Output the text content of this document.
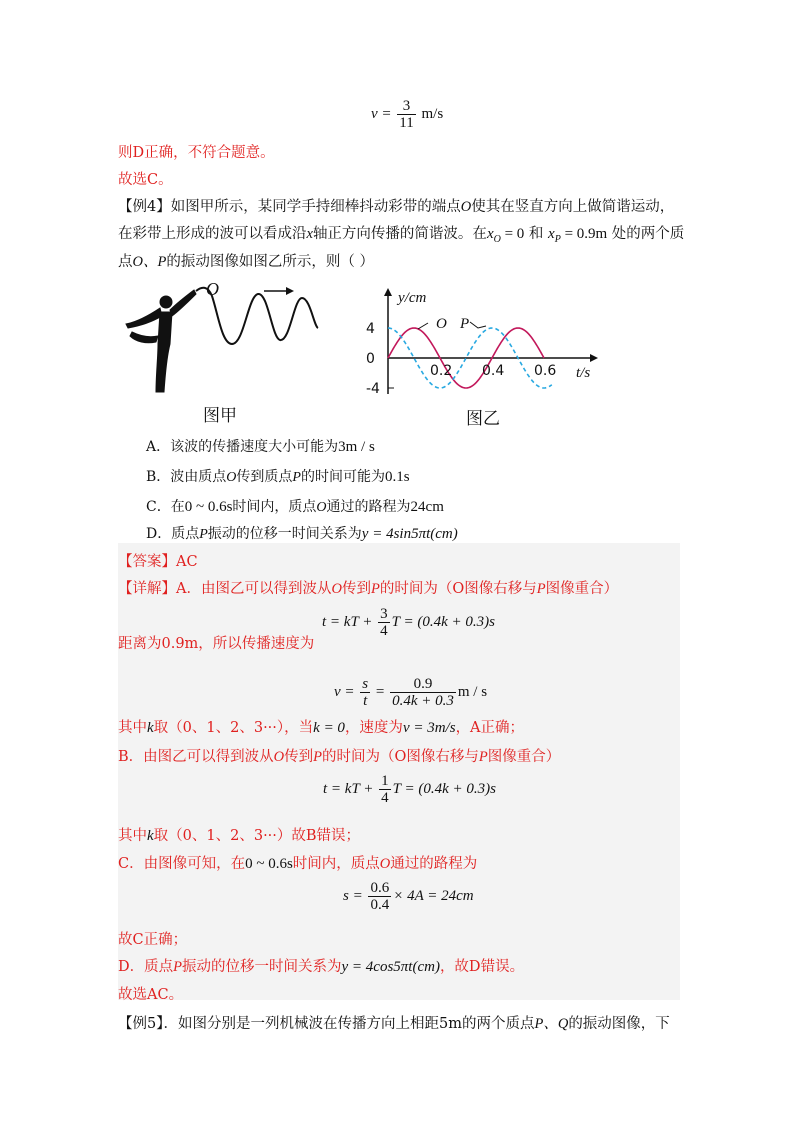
$v = \frac{3}{11} m/s$
则D正确，不符合题意。
故选C。
【例4】如图甲所示，某同学手持细棒抖动彩带的端点O使其在竖直方向上做简谐运动，
在彩带上形成的波可以看成沿x轴正方向传播的简谐波。在$x_O = 0$ 和 $x_P = 0.9m$ 处的两个质
点O、P的振动图像如图乙所示，则（ ）
O
图甲
4
0
-4
0.2 0.4 0.6
y/cm
t/s
O P
图乙
A．该波的传播速度大小可能为3m / s
B．波由质点O传到质点P的时间可能为0.1s
C．在0 ~ 0.6s时间内，质点O通过的路程为24cm
D．质点P振动的位移一时间关系为y = 4sin5πt(cm)
【答案】AC
【详解】A．由图乙可以得到波从O传到P的时间为（O图像右移与P图像重合）
距离为0.9m，所以传播速度为
其中k取（0、1、2、3···），当k = 0，速度为v = 3m/s，A正确；
B．由图乙可以得到波从O传到P的时间为（O图像右移与P图像重合）
其中k取（0、1、2、3···）故B错误；
C．由图像可知，在0 ~ 0.6s时间内，质点O通过的路程为
故C正确；
D．质点P振动的位移一时间关系为y = 4cos5πt(cm)，故D错误。
故选AC。
t = kT + $\frac{3}{4}$ T = (0.4k + 0.3)s
$v = \frac{s}{t} = \frac{0.9}{0.4k + 0.3}$ m / s
t = kT + $\frac{1}{4}$ T = (0.4k + 0.3)s
$s = \frac{0.6}{0.4} \times 4A = 24cm$
【例5】．如图分别是一列机械波在传播方向上相距5m的两个质点P、Q的振动图像，下
